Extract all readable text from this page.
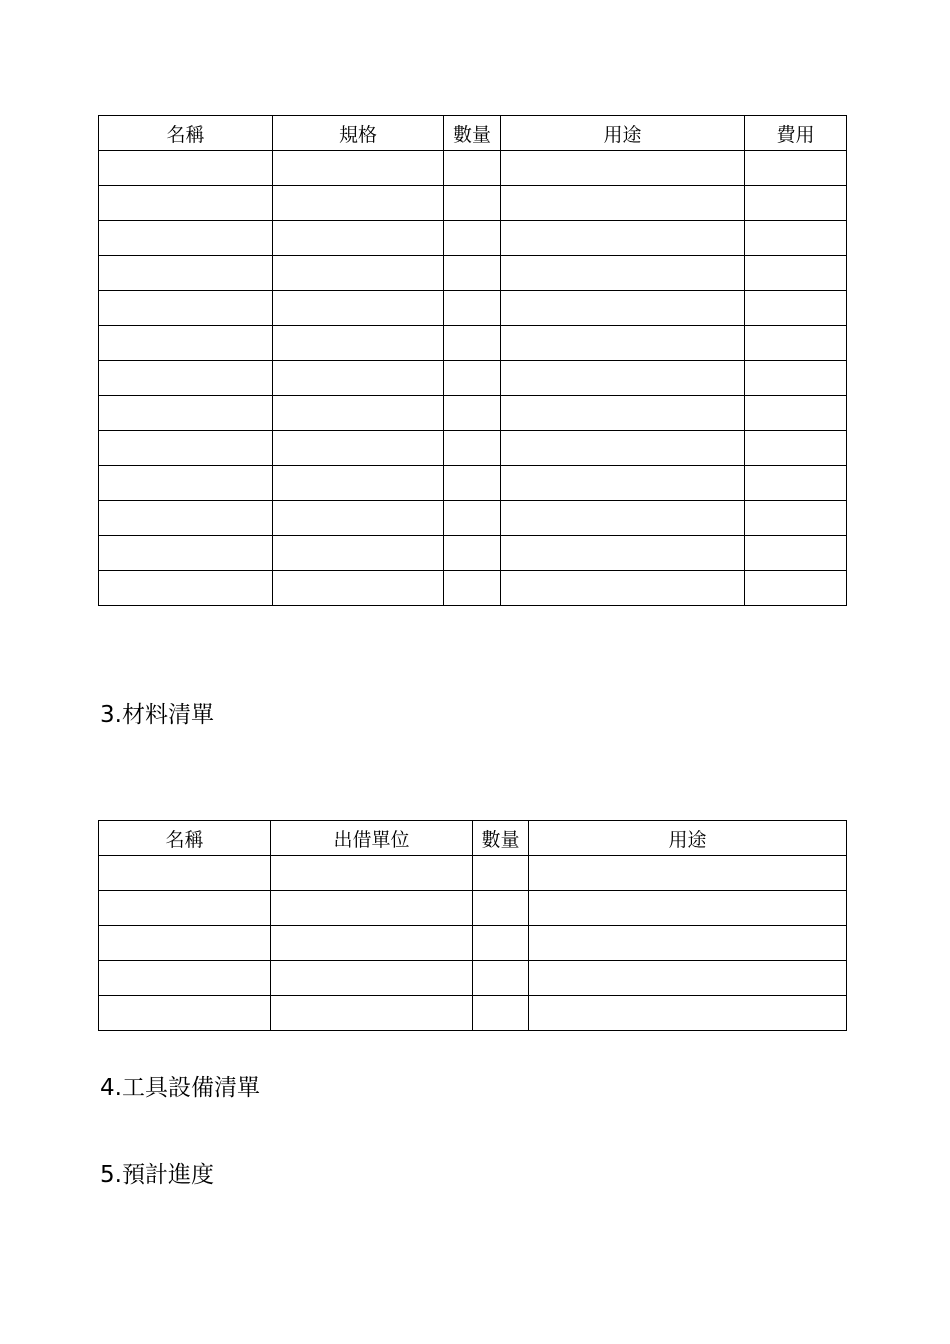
名稱	規格	數量	用途	費用

3.材料清單
名稱	出借單位	數量	用途

4.工具設備清單
5.預計進度
